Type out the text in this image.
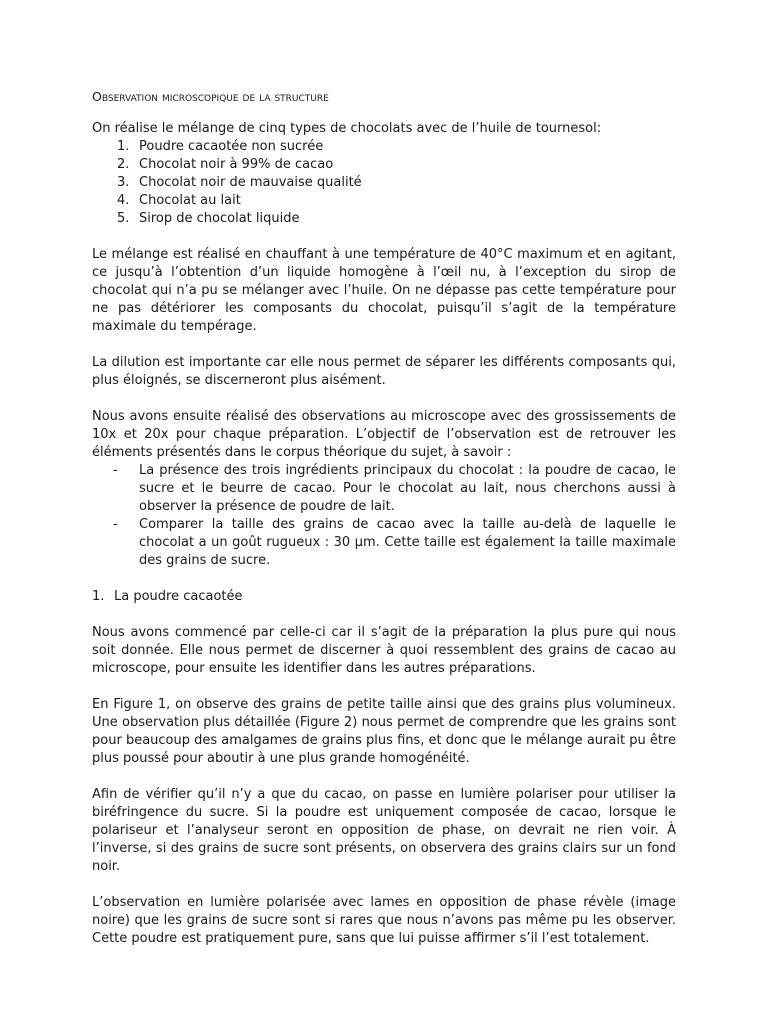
Observation microscopique de la structure

On réalise le mélange de cinq types de chocolats avec de l’huile de tournesol:

1. Poudre cacaotée non sucrée
2. Chocolat noir à 99% de cacao
3. Chocolat noir de mauvaise qualité
4. Chocolat au lait
5. Sirop de chocolat liquide

Le mélange est réalisé en chauffant à une température de 40°C maximum et en agitant, ce jusqu’à l’obtention d’un liquide homogène à l’œil nu, à l’exception du sirop de chocolat qui n’a pu se mélanger avec l’huile. On ne dépasse pas cette température pour ne pas détériorer les composants du chocolat, puisqu’il s’agit de la température maximale du tempérage.

La dilution est importante car elle nous permet de séparer les différents composants qui, plus éloignés, se discerneront plus aisément.

Nous avons ensuite réalisé des observations au microscope avec des grossissements de 10x et 20x pour chaque préparation. L’objectif de l’observation est de retrouver les éléments présentés dans le corpus théorique du sujet, à savoir :

- La présence des trois ingrédients principaux du chocolat : la poudre de cacao, le sucre et le beurre de cacao. Pour le chocolat au lait, nous cherchons aussi à observer la présence de poudre de lait.
- Comparer la taille des grains de cacao avec la taille au-delà de laquelle le chocolat a un goût rugueux : 30 µm. Cette taille est également la taille maximale des grains de sucre.
1. La poudre cacaotée

Nous avons commencé par celle-ci car il s’agit de la préparation la plus pure qui nous soit donnée. Elle nous permet de discerner à quoi ressemblent des grains de cacao au microscope, pour ensuite les identifier dans les autres préparations.

En Figure 1, on observe des grains de petite taille ainsi que des grains plus volumineux. Une observation plus détaillée (Figure 2) nous permet de comprendre que les grains sont pour beaucoup des amalgames de grains plus fins, et donc que le mélange aurait pu être plus poussé pour aboutir à une plus grande homogénéité.

Afin de vérifier qu’il n’y a que du cacao, on passe en lumière polariser pour utiliser la biréfringence du sucre. Si la poudre est uniquement composée de cacao, lorsque le polariseur et l’analyseur seront en opposition de phase, on devrait ne rien voir. À l’inverse, si des grains de sucre sont présents, on observera des grains clairs sur un fond noir.

L’observation en lumière polarisée avec lames en opposition de phase révèle (image noire) que les grains de sucre sont si rares que nous n’avons pas même pu les observer. Cette poudre est pratiquement pure, sans que lui puisse affirmer s’il l’est totalement.
